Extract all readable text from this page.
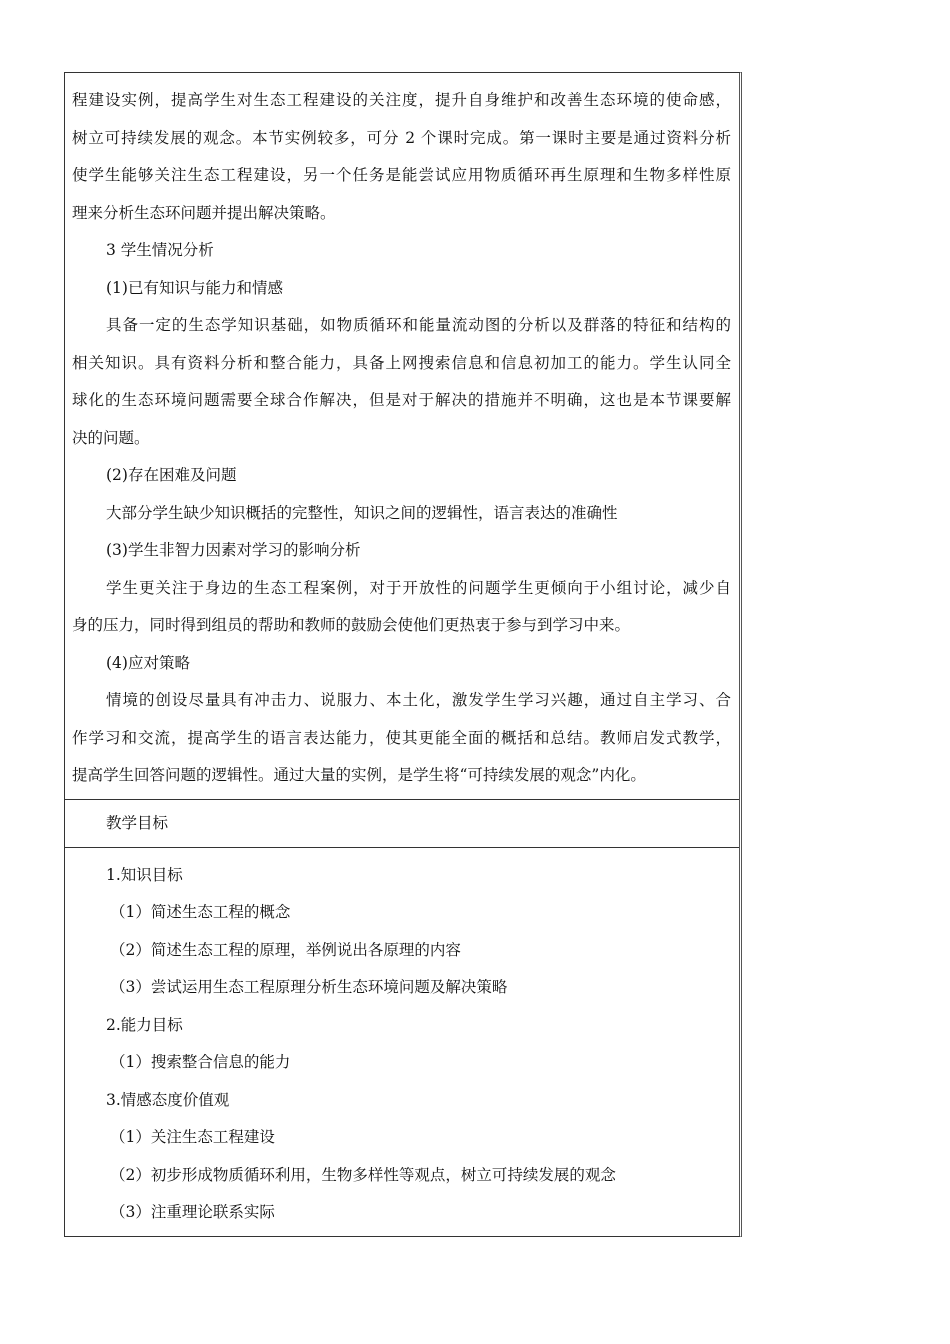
程建设实例，提高学生对生态工程建设的关注度，提升自身维护和改善生态环境的使命感，
树立可持续发展的观念。本节实例较多，可分 2 个课时完成。第一课时主要是通过资料分析
使学生能够关注生态工程建设，另一个任务是能尝试应用物质循环再生原理和生物多样性原
理来分析生态环问题并提出解决策略。
3 学生情况分析
(1)已有知识与能力和情感
具备一定的生态学知识基础，如物质循环和能量流动图的分析以及群落的特征和结构的
相关知识。具有资料分析和整合能力，具备上网搜索信息和信息初加工的能力。学生认同全
球化的生态环境问题需要全球合作解决，但是对于解决的措施并不明确，这也是本节课要解
决的问题。
(2)存在困难及问题
大部分学生缺少知识概括的完整性，知识之间的逻辑性，语言表达的准确性
(3)学生非智力因素对学习的影响分析
学生更关注于身边的生态工程案例，对于开放性的问题学生更倾向于小组讨论，减少自
身的压力，同时得到组员的帮助和教师的鼓励会使他们更热衷于参与到学习中来。
(4)应对策略
情境的创设尽量具有冲击力、说服力、本土化，激发学生学习兴趣，通过自主学习、合
作学习和交流，提高学生的语言表达能力，使其更能全面的概括和总结。教师启发式教学，
提高学生回答问题的逻辑性。通过大量的实例，是学生将“可持续发展的观念”内化。
教学目标
1.知识目标
（1）简述生态工程的概念
（2）简述生态工程的原理，举例说出各原理的内容
（3）尝试运用生态工程原理分析生态环境问题及解决策略
2.能力目标
（1）搜索整合信息的能力
3.情感态度价值观
（1）关注生态工程建设
（2）初步形成物质循环利用，生物多样性等观点，树立可持续发展的观念
（3）注重理论联系实际
